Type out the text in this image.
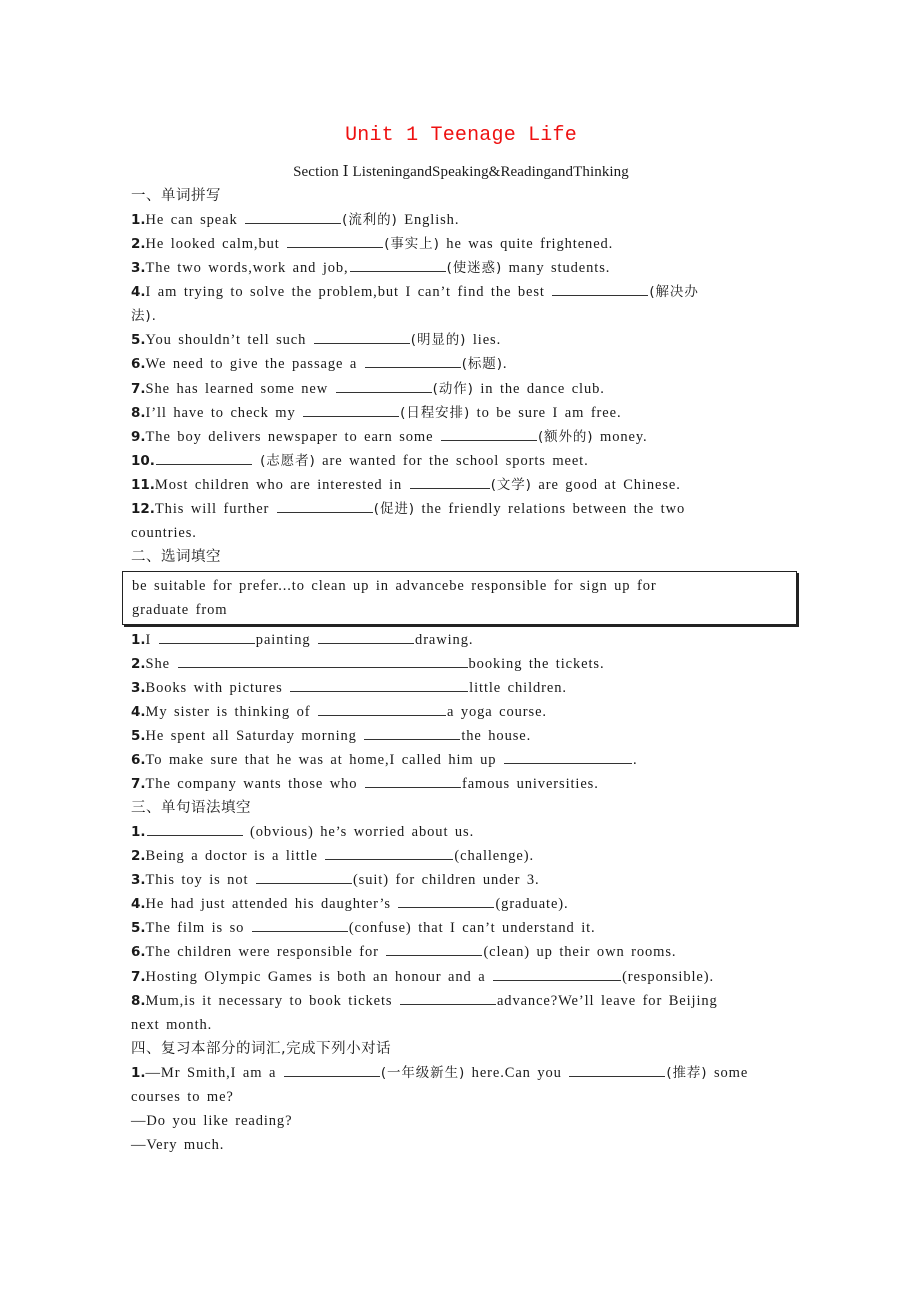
Unit 1 Teenage Life
Section Ⅰ ListeningandSpeaking&ReadingandThinking
一、单词拼写
1.He can speak	(流利的) English.
2.He looked calm,but	(事实上) he was quite frightened.
3.The two words,work and job,	(使迷惑) many students.
4.I am trying to solve the problem,but I can’t find the best	(解决办
法).
5.You shouldn’t tell such	(明显的) lies.
6.We need to give the passage a	(标题).
7.She has learned some new	(动作) in the dance club.
8.I’ll have to check my	(日程安排) to be sure I am free.
9.The boy delivers newspaper to earn some	(额外的) money.
10.	(志愿者) are wanted for the school sports meet.
11.Most children who are interested in	(文学) are good at Chinese.
12.This will further	(促进) the friendly relations between the two
countries.
二、选词填空
be suitable for prefer...to clean up in advancebe responsible for sign up for
graduate from
1.I	painting	drawing.
2.She	booking the tickets.
3.Books with pictures	little children.
4.My sister is thinking of	a yoga course.
5.He spent all Saturday morning	the house.
6.To make sure that he was at home,I called him up	.
7.The company wants those who	famous universities.
三、单句语法填空
1.	(obvious) he’s worried about us.
2.Being a doctor is a little	(challenge).
3.This toy is not	(suit) for children under 3.
4.He had just attended his daughter’s	(graduate).
5.The film is so	(confuse) that I can’t understand it.
6.The children were responsible for	(clean) up their own rooms.
7.Hosting Olympic Games is both an honour and a	(responsible).
8.Mum,is it necessary to book tickets	advance?We’ll leave for Beijing
next month.
四、复习本部分的词汇,完成下列小对话
1.—Mr Smith,I am a	(一年级新生) here.Can you	(推荐) some
courses to me?
—Do you like reading?
—Very much.
